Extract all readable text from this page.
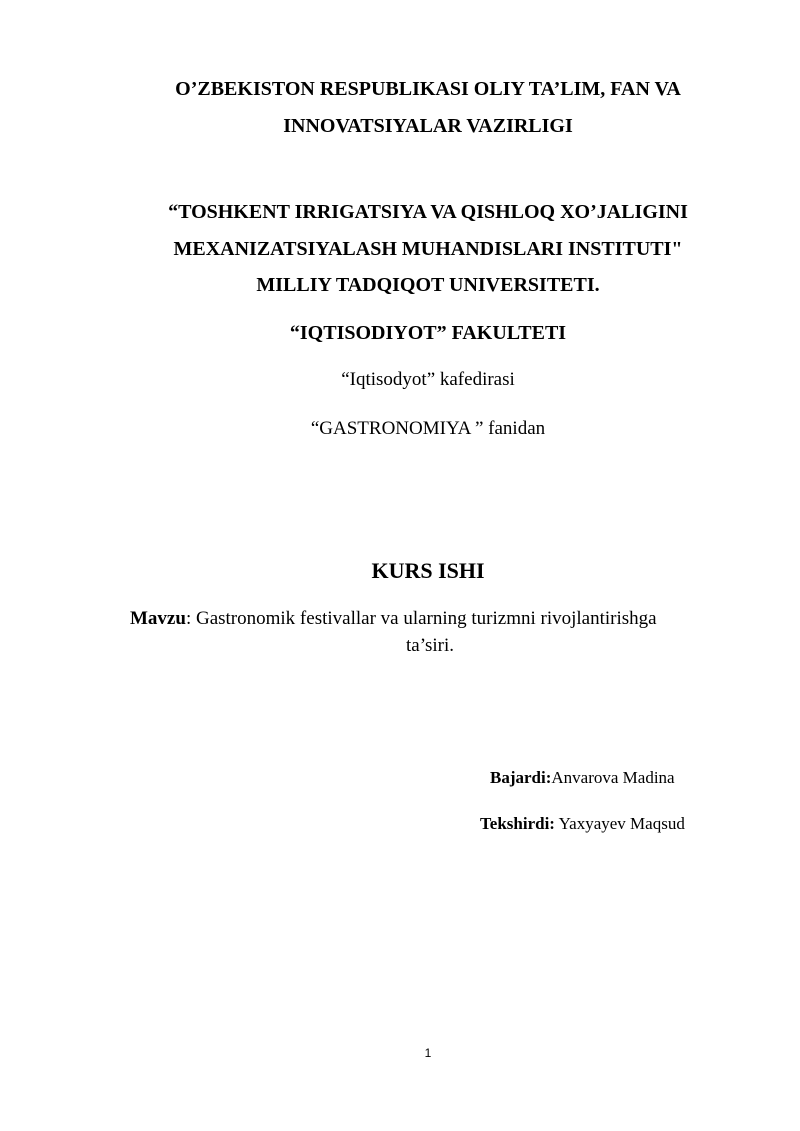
O’ZBEKISTON RESPUBLIKASI OLIY TA’LIM, FAN VA
INNOVATSIYALAR VAZIRLIGI
“TOSHKENT IRRIGATSIYA VA QISHLOQ XO’JALIGINI
MEXANIZATSIYALASH MUHANDISLARI INSTITUTI"
MILLIY TADQIQOT UNIVERSITETI.
“IQTISODIYOT” FAKULTETI
“Iqtisodyot” kafedirasi
“GASTRONOMIYA ” fanidan
KURS ISHI
Mavzu: Gastronomik festivallar va ularning turizmni rivojlantirishga
ta’siri.
Bajardi:Anvarova Madina
Tekshirdi: Yaxyayev Maqsud
1
